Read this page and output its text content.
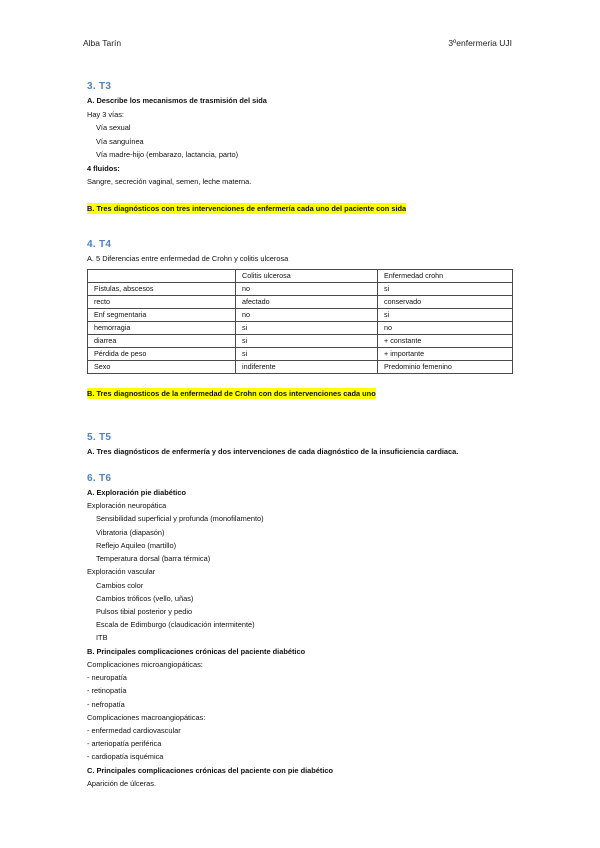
Alba Tarín	3ºenfermeria UJI
3. T3
A. Describe los mecanismos de trasmisión del sida
Hay 3 vías:
Vía sexual
Vía sanguínea
Vía madre-hijo (embarazo, lactancia, parto)
4 fluidos:
Sangre, secreción vaginal, semen, leche materna.
B. Tres diagnósticos con tres intervenciones de enfermería cada uno del paciente con sida
4. T4
A. 5 Diferencias entre enfermedad de Crohn y colitis ulcerosa
	Colitis ulcerosa	Enfermedad crohn
Fístulas, abscesos	no	si
recto	afectado	conservado
Enf segmentaria	no	si
hemorragia	si	no
diarrea	si	+ constante
Pérdida de peso	si	+ importante
Sexo	indiferente	Predominio femenino
B. Tres diagnosticos de la enfermedad de Crohn con dos intervenciones cada uno
5. T5
A. Tres diagnósticos de enfermería y dos intervenciones de cada diagnóstico de la insuficiencia cardiaca.
6. T6
A. Exploración pie diabético
Exploración neuropática
Sensibilidad superficial y profunda (monofilamento)
Vibratoria (diapasón)
Reflejo Aquileo (martillo)
Temperatura dorsal (barra térmica)
Exploración vascular
Cambios color
Cambios tróficos (vello, uñas)
Pulsos tibial posterior y pedio
Escala de Edimburgo (claudicación intermitente)
ITB
B. Principales complicaciones crónicas del paciente diabético
Complicaciones microangiopáticas:
- neuropatía
- retinopatía
- nefropatía
Complicaciones macroangiopáticas:
- enfermedad cardiovascular
- arteriopatía periférica
- cardiopatía isquémica
C. Principales complicaciones crónicas del paciente con pie diabético
Aparición de úlceras.
